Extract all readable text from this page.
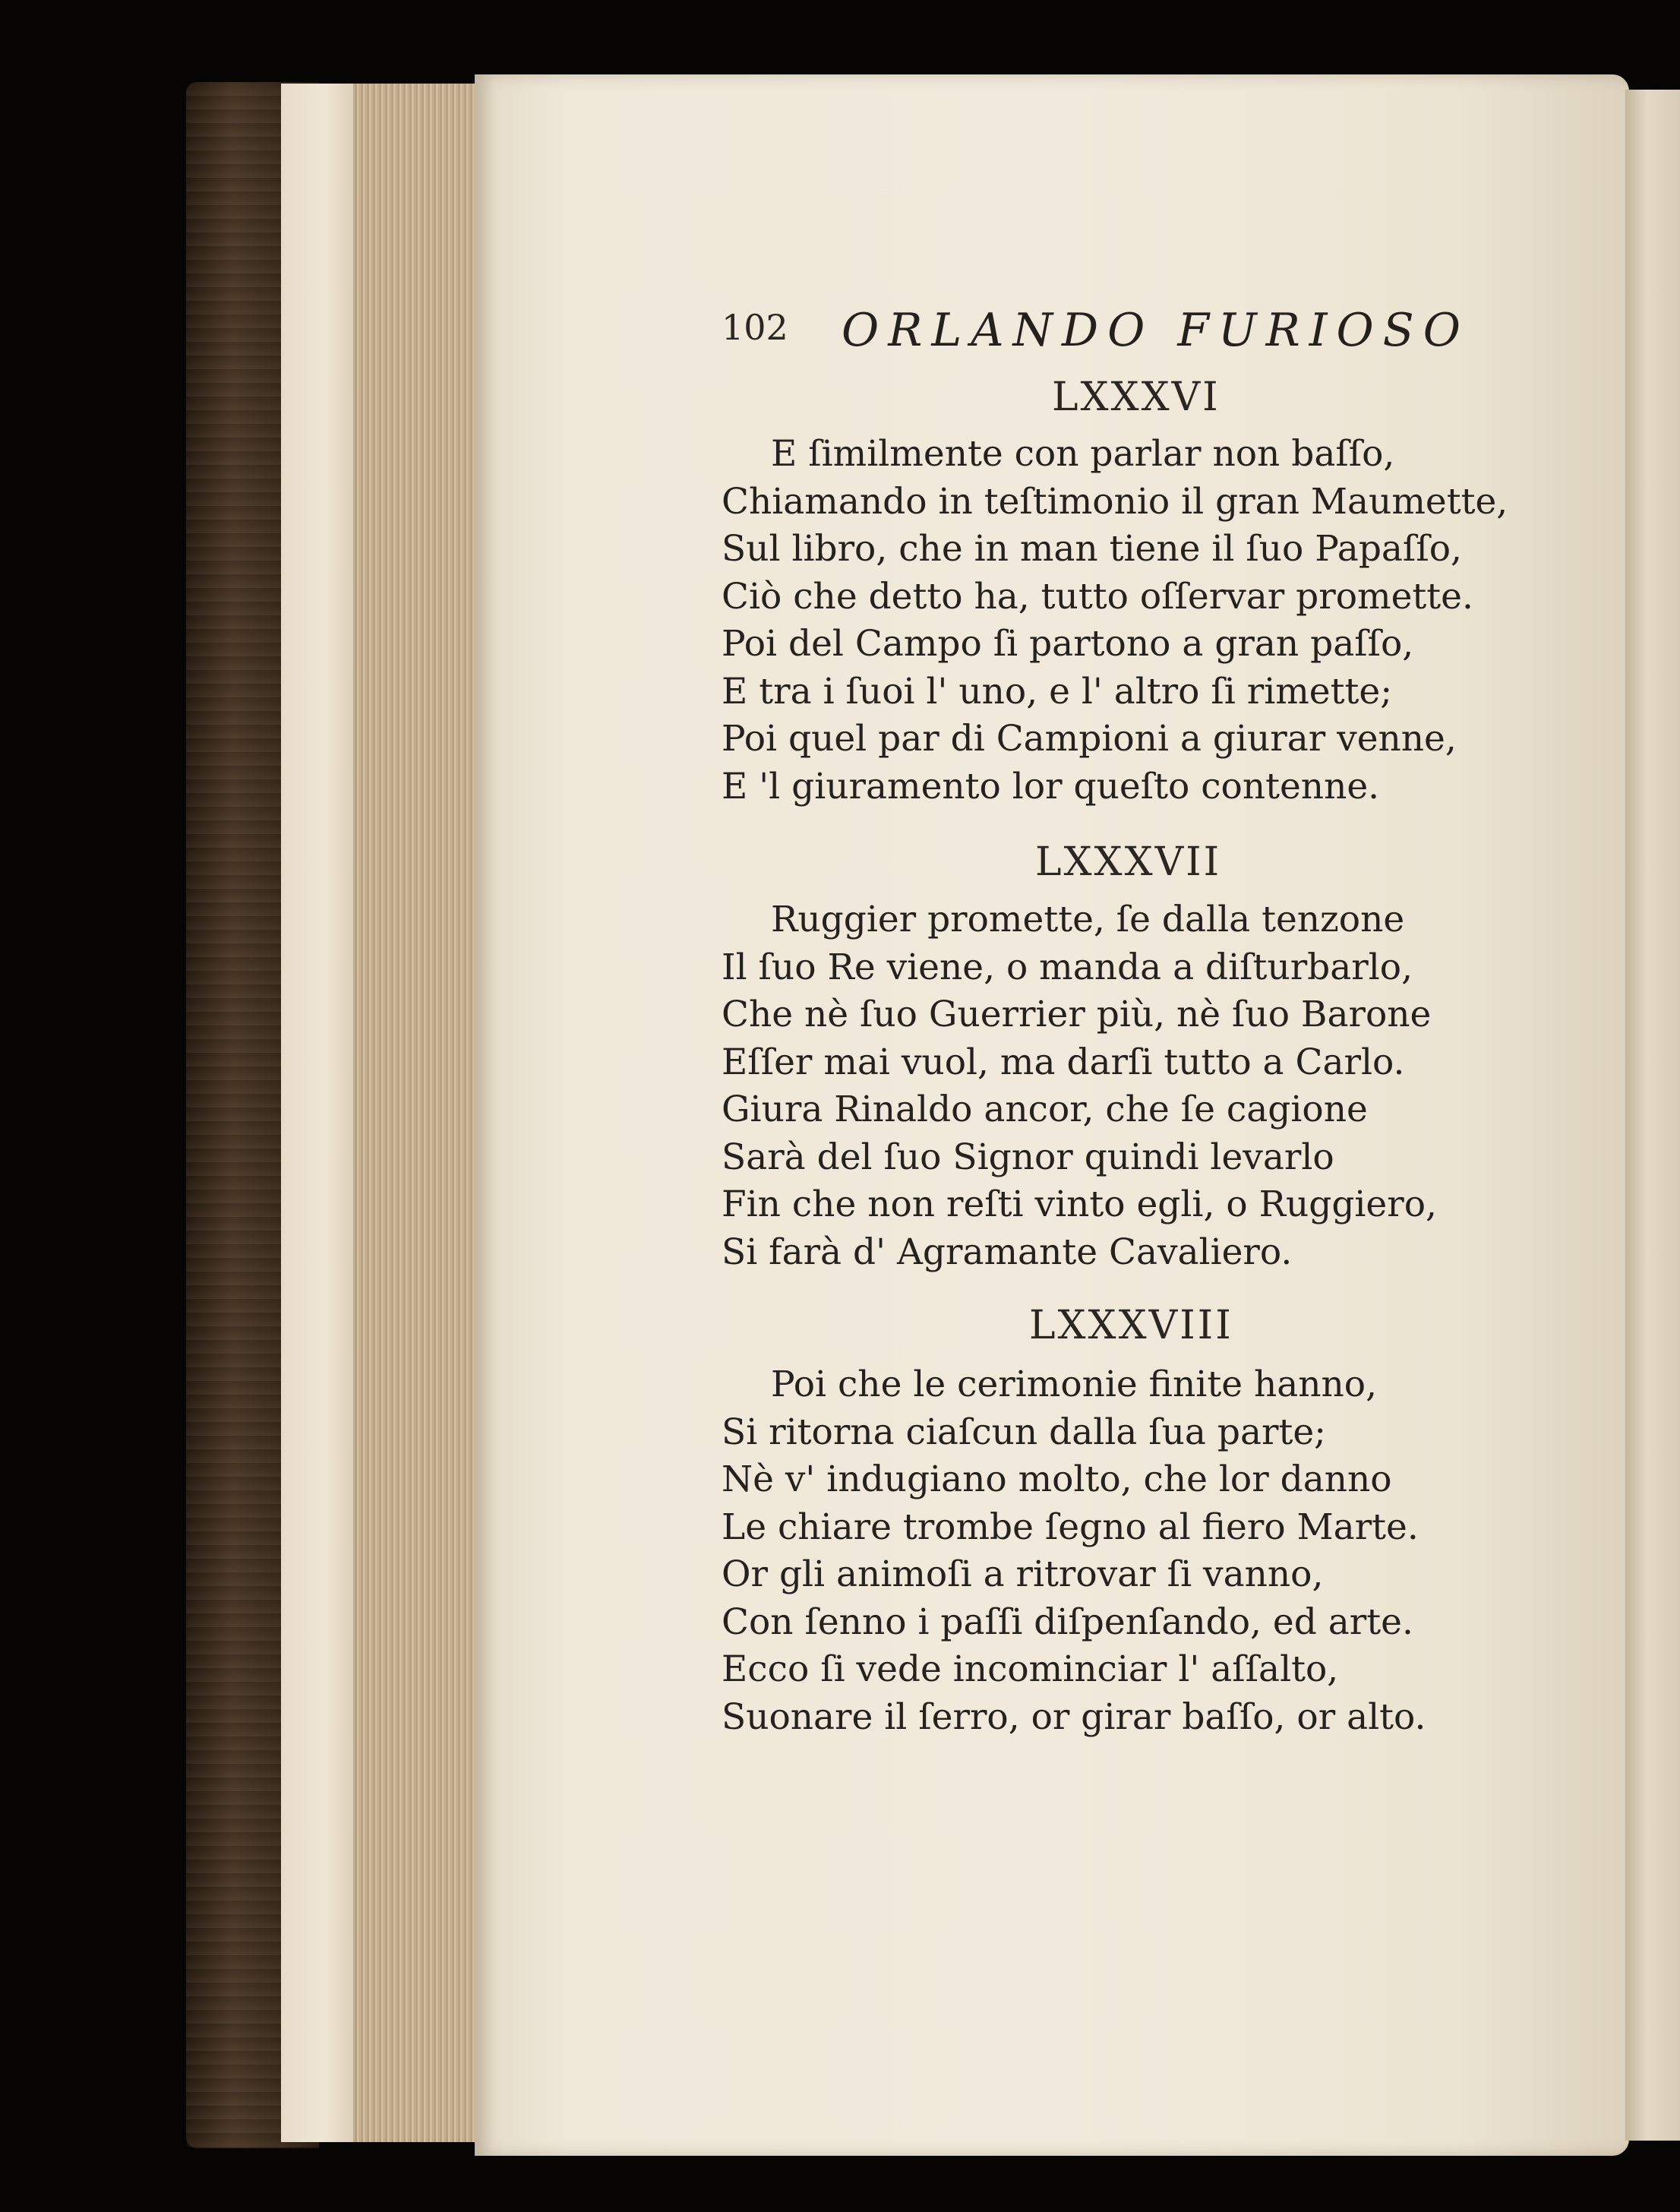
102 ORLANDO FURIOSO
LXXXVI
E ſimilmente con parlar non baſſo,
Chiamando in teſtimonio il gran Maumette,
Sul libro, che in man tiene il ſuo Papaſſo,
Ciò che detto ha, tutto oſſervar promette.
Poi del Campo ſi partono a gran paſſo,
E tra i ſuoi l' uno, e l' altro ſi rimette;
Poi quel par di Campioni a giurar venne,
E 'l giuramento lor queſto contenne.
LXXXVII
Ruggier promette, ſe dalla tenzone
Il ſuo Re viene, o manda a diſturbarlo,
Che nè ſuo Guerrier più, nè ſuo Barone
Eſſer mai vuol, ma darſi tutto a Carlo.
Giura Rinaldo ancor, che ſe cagione
Sarà del ſuo Signor quindi levarlo
Fin che non reſti vinto egli, o Ruggiero,
Si farà d' Agramante Cavaliero.
LXXXVIII
Poi che le cerimonie finite hanno,
Si ritorna ciaſcun dalla ſua parte;
Nè v' indugiano molto, che lor danno
Le chiare trombe ſegno al fiero Marte.
Or gli animoſi a ritrovar ſi vanno,
Con ſenno i paſſi diſpenſando, ed arte.
Ecco ſi vede incominciar l' aſſalto,
Suonare il ſerro, or girar baſſo, or alto.
